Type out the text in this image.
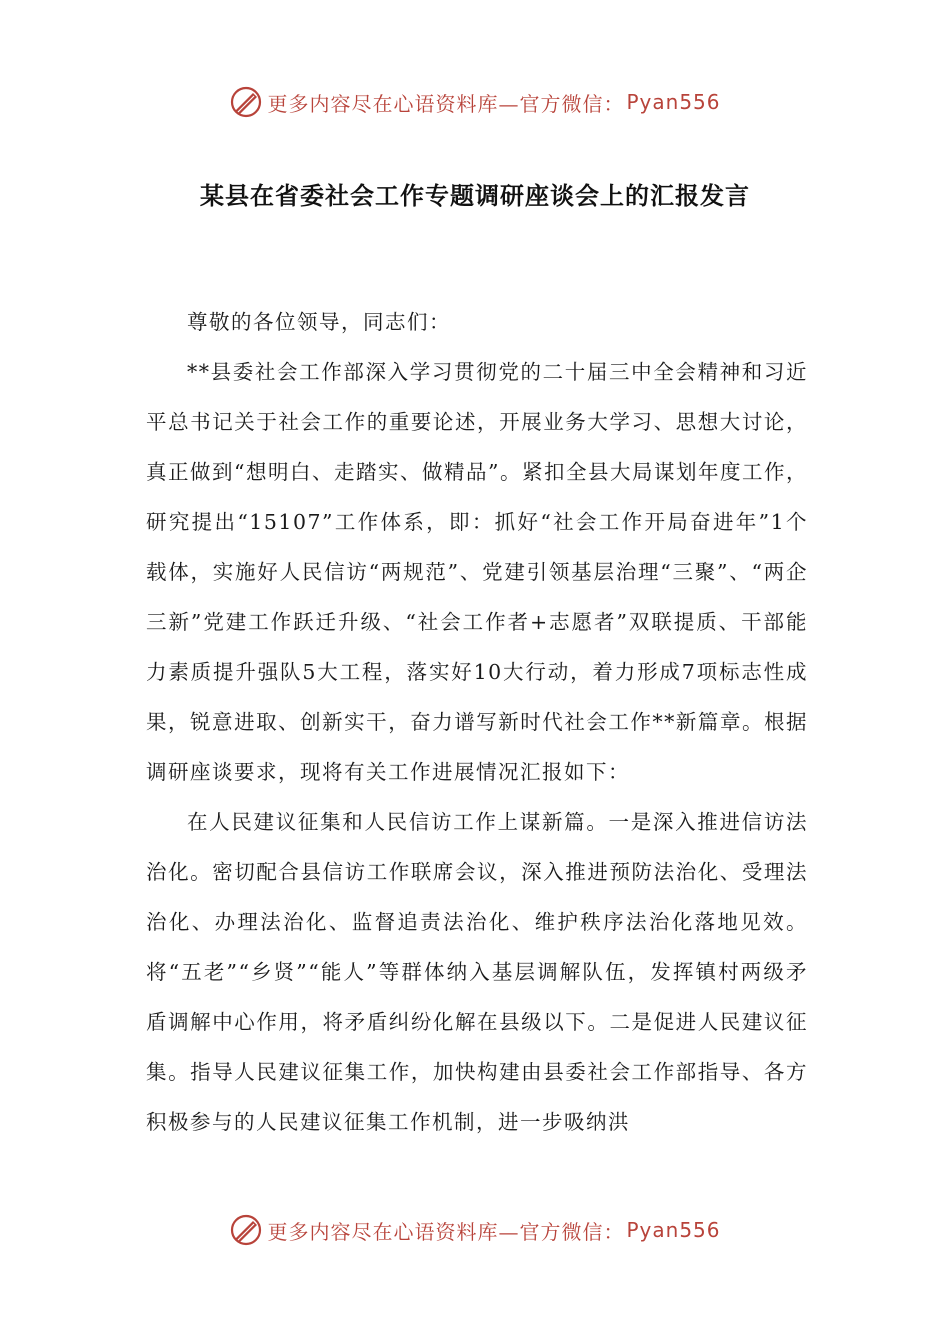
更多内容尽在心语资料库—官方微信： Pyan556
某县在省委社会工作专题调研座谈会上的汇报发言

尊敬的各位领导，同志们：

**县委社会工作部深入学习贯彻党的二十届三中全会精神和习近平总书记关于社会工作的重要论述，开展业务大学习、思想大讨论，真正做到“想明白、走踏实、做精品”。紧扣全县大局谋划年度工作，研究提出“15107”工作体系，即：抓好“社会工作开局奋进年”1个载体，实施好人民信访“两规范”、党建引领基层治理“三聚”、“两企三新”党建工作跃迁升级、“社会工作者+志愿者”双联提质、干部能力素质提升强队5大工程，落实好10大行动，着力形成7项标志性成果，锐意进取、创新实干，奋力谱写新时代社会工作**新篇章。根据调研座谈要求，现将有关工作进展情况汇报如下：

在人民建议征集和人民信访工作上谋新篇。一是深入推进信访法治化。密切配合县信访工作联席会议，深入推进预防法治化、受理法治化、办理法治化、监督追责法治化、维护秩序法治化落地见效。将“五老”“乡贤”“能人”等群体纳入基层调解队伍，发挥镇村两级矛盾调解中心作用，将矛盾纠纷化解在县级以下。二是促进人民建议征集。指导人民建议征集工作，加快构建由县委社会工作部指导、各方积极参与的人民建议征集工作机制，进一步吸纳洪

更多内容尽在心语资料库—官方微信： Pyan556
